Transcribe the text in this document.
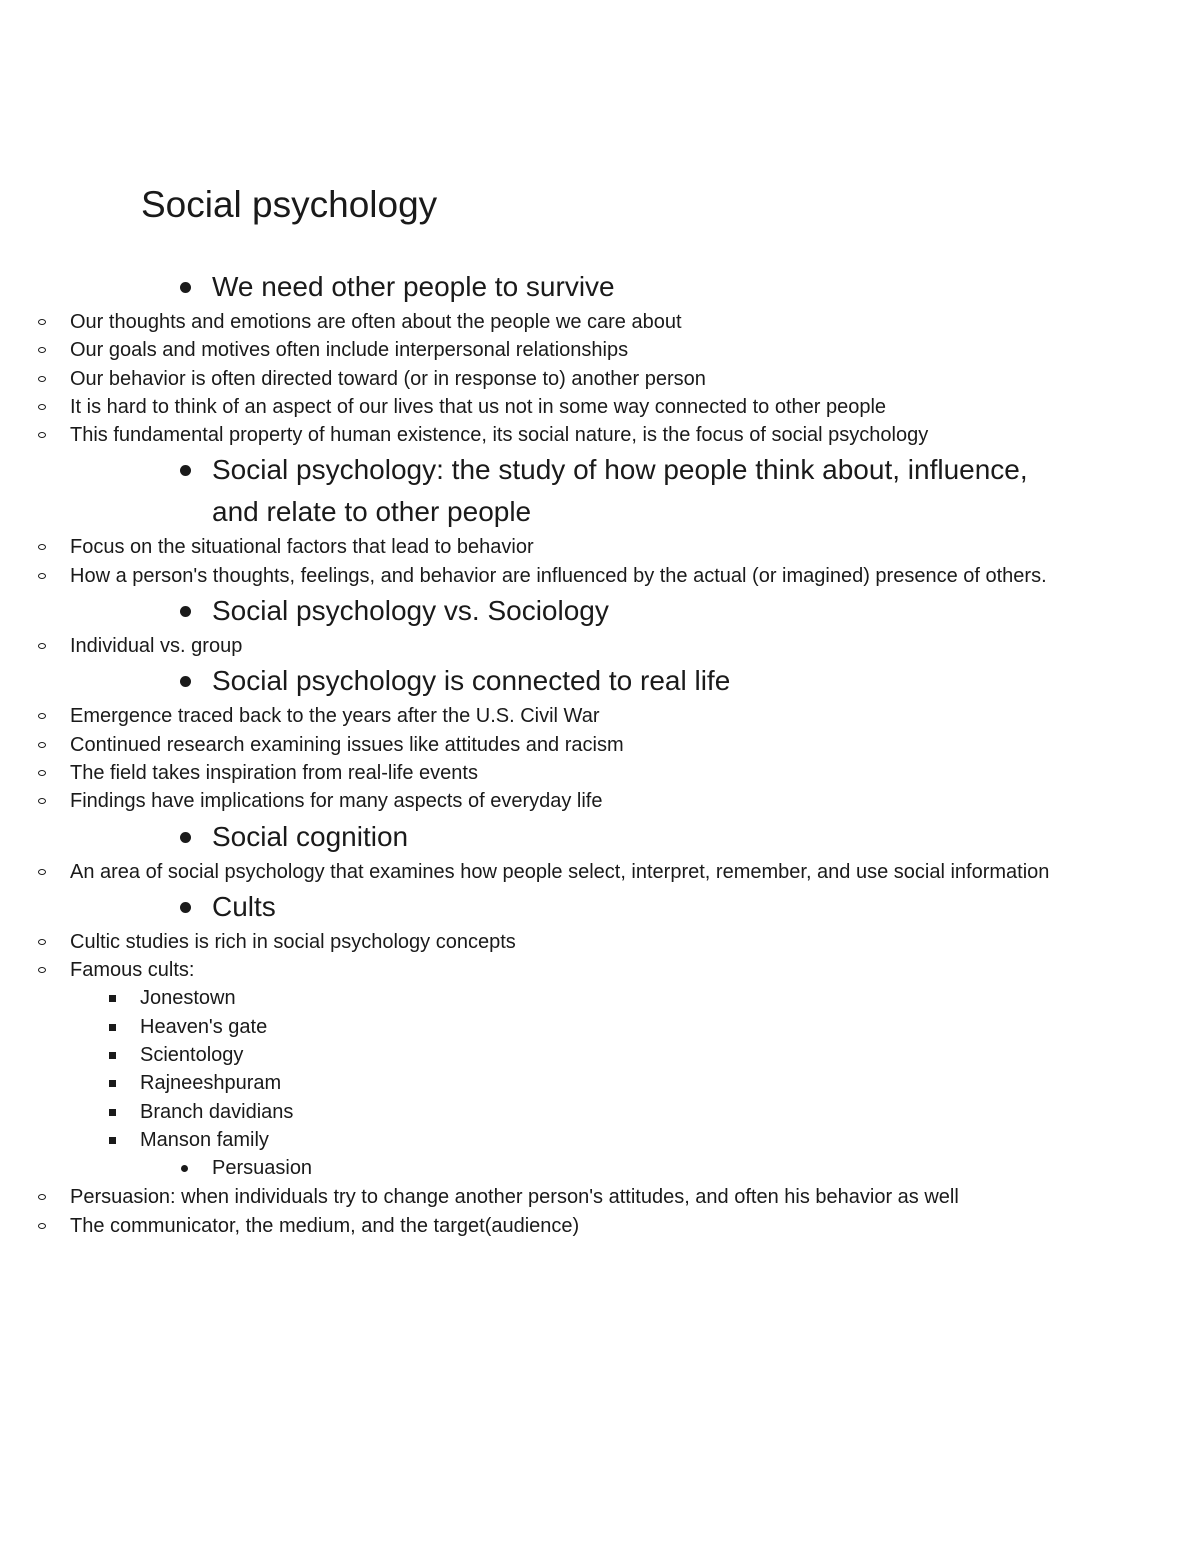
Social psychology
We need other people to survive
Our thoughts and emotions are often about the people we care about
Our goals and motives often include interpersonal relationships
Our behavior is often directed toward (or in response to) another person
It is hard to think of an aspect of our lives that us not in some way connected to other people
This fundamental property of human existence, its social nature, is the focus of social psychology
Social psychology: the study of how people think about, influence, and relate to other people
Focus on the situational factors that lead to behavior
How a person's thoughts, feelings, and behavior are influenced by the actual (or imagined) presence of others.
Social psychology vs. Sociology
Individual vs. group
Social psychology is connected to real life
Emergence traced back to the years after the U.S. Civil War
Continued research examining issues like attitudes and racism
The field takes inspiration from real-life events
Findings have implications for many aspects of everyday life
Social cognition
An area of social psychology that examines how people select, interpret, remember, and use social information
Cults
Cultic studies is rich in social psychology concepts
Famous cults:
Jonestown
Heaven's gate
Scientology
Rajneeshpuram
Branch davidians
Manson family
Persuasion
Persuasion: when individuals try to change another person's attitudes, and often his behavior as well
The communicator, the medium, and the target(audience)
